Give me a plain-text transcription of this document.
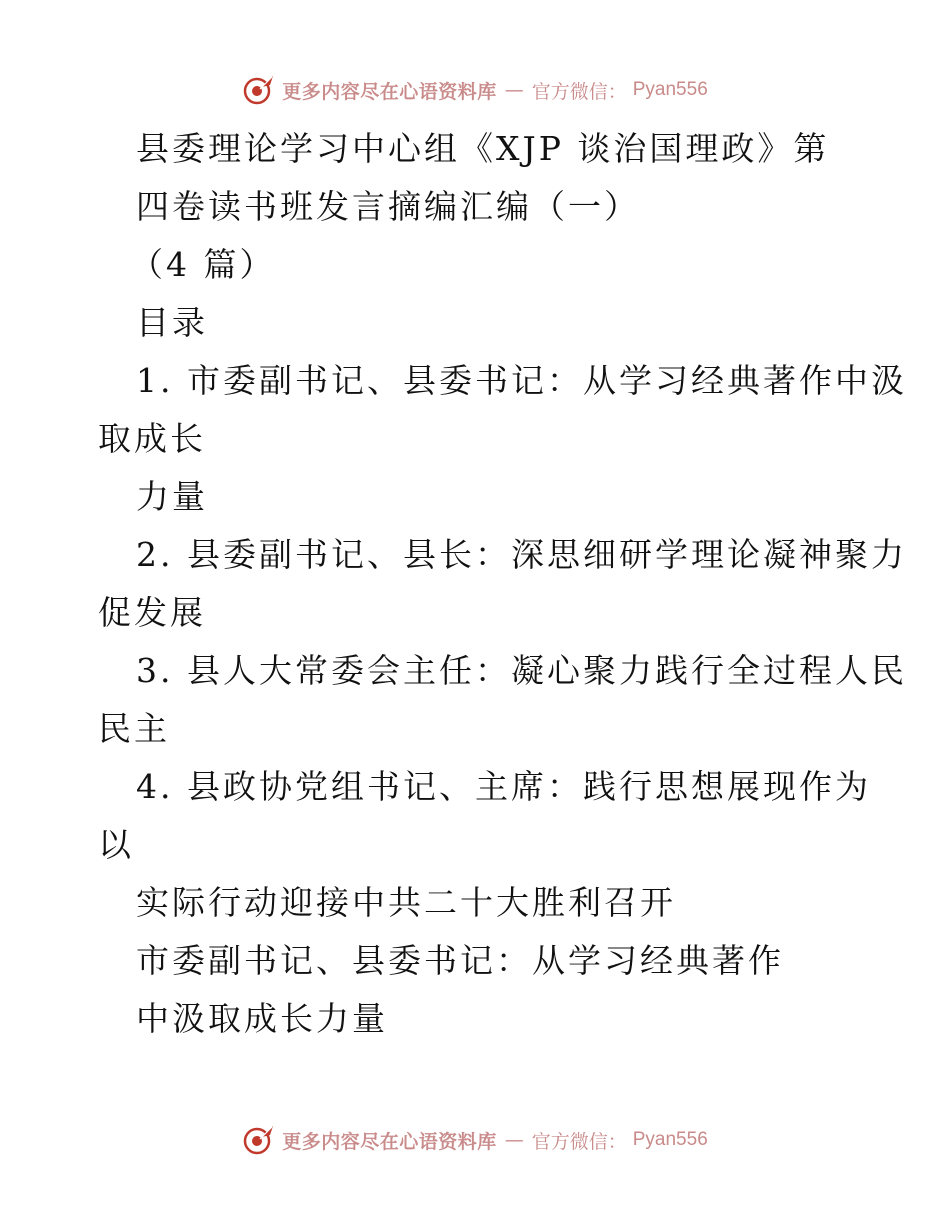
更多内容尽在心语资料库 — 官方微信： Pyan556
县委理论学习中心组《XJP 谈治国理政》第
四卷读书班发言摘编汇编（一）
（4 篇）
目录
1. 市委副书记、县委书记：从学习经典著作中汲
取成长
力量
2. 县委副书记、县长：深思细研学理论凝神聚力
促发展
3. 县人大常委会主任：凝心聚力践行全过程人民
民主
4. 县政协党组书记、主席：践行思想展现作为
以
实际行动迎接中共二十大胜利召开
市委副书记、县委书记：从学习经典著作
中汲取成长力量
更多内容尽在心语资料库 — 官方微信： Pyan556
